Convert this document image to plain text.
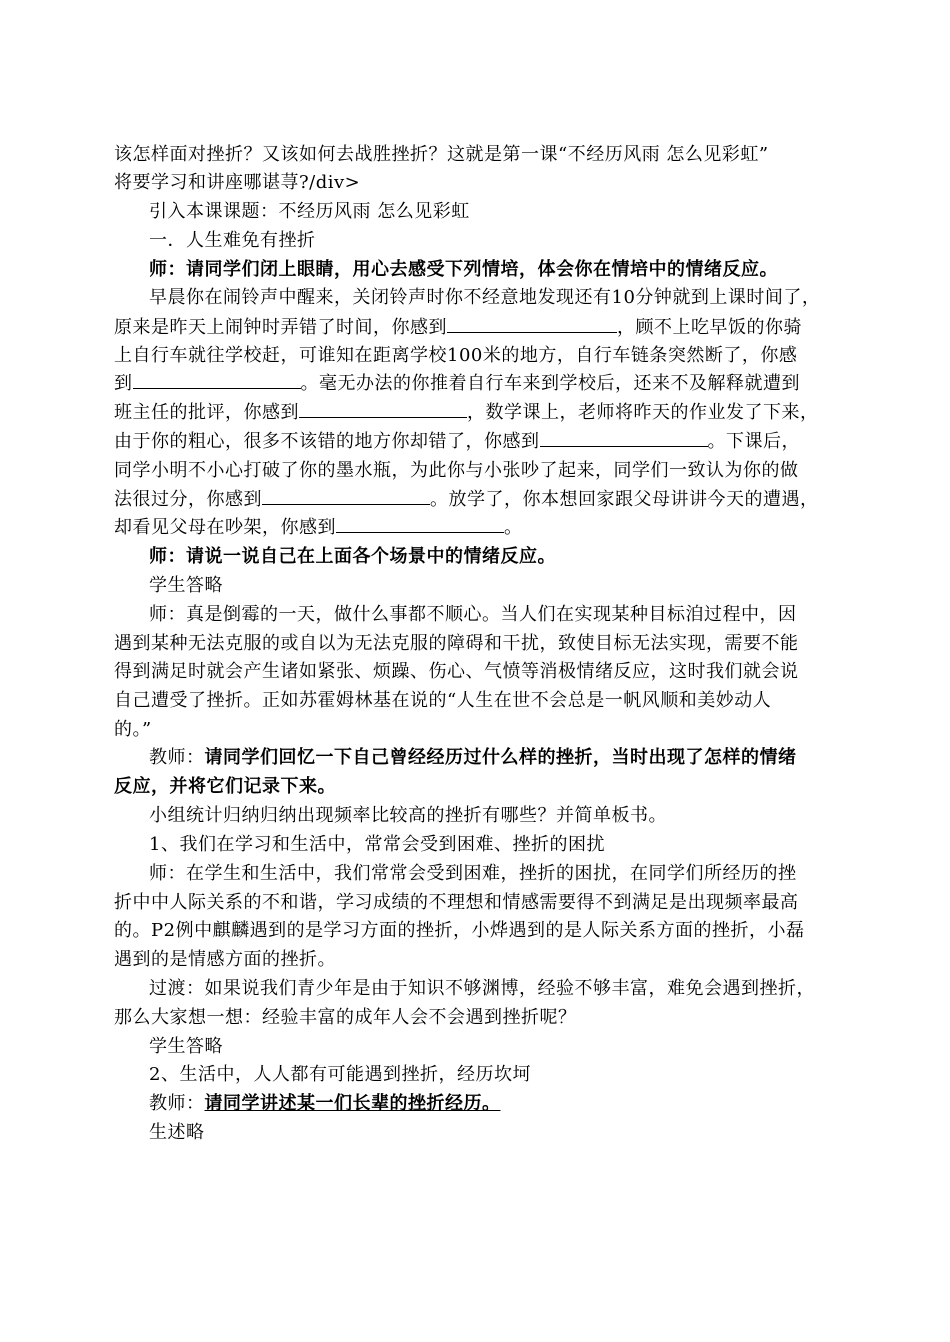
该怎样面对挫折？又该如何去战胜挫折？这就是第一课“不经历风雨 怎么见彩虹”
将要学习和讲座哪谌荨?/div>
引入本课课题：不经历风雨 怎么见彩虹
一．人生难免有挫折
师：请同学们闭上眼睛，用心去感受下列情培，体会你在情培中的情绪反应。
早晨你在闹铃声中醒来，关闭铃声时你不经意地发现还有10分钟就到上课时间了，
原来是昨天上闹钟时弄错了时间，你感到	，顾不上吃早饭的你骑
上自行车就往学校赶，可谁知在距离学校100米的地方，自行车链条突然断了，你感
到	。毫无办法的你推着自行车来到学校后，还来不及解释就遭到
班主任的批评，你感到	，数学课上，老师将昨天的作业发了下来，
由于你的粗心，很多不该错的地方你却错了，你感到	。下课后，
同学小明不小心打破了你的墨水瓶，为此你与小张吵了起来，同学们一致认为你的做
法很过分，你感到	。放学了，你本想回家跟父母讲讲今天的遭遇，
却看见父母在吵架，你感到	。
师：请说一说自己在上面各个场景中的情绪反应。
学生答略
师：真是倒霉的一天，做什么事都不顺心。当人们在实现某种目标洎过程中，因
遇到某种无法克服的或自以为无法克服的障碍和干扰，致使目标无法实现，需要不能
得到满足时就会产生诸如紧张、烦躁、伤心、气愤等消极情绪反应，这时我们就会说
自己遭受了挫折。正如苏霍姆林基在说的“人生在世不会总是一帆风顺和美妙动人
的。”
教师：请同学们回忆一下自己曾经经历过什么样的挫折，当时出现了怎样的情绪
反应，并将它们记录下来。
小组统计归纳归纳出现频率比较高的挫折有哪些？并简单板书。
1、我们在学习和生活中，常常会受到困难、挫折的困扰
师：在学生和生活中，我们常常会受到困难，挫折的困扰，在同学们所经历的挫
折中中人际关系的不和谐，学习成绩的不理想和情感需要得不到满足是出现频率最高
的。P2例中麒麟遇到的是学习方面的挫折，小烨遇到的是人际关系方面的挫折，小磊
遇到的是情感方面的挫折。
过渡：如果说我们青少年是由于知识不够渊博，经验不够丰富，难免会遇到挫折，
那么大家想一想：经验丰富的成年人会不会遇到挫折呢？
学生答略
2、生活中，人人都有可能遇到挫折，经历坎坷
教师：请同学讲述某一们长辈的挫折经历。
生述略
